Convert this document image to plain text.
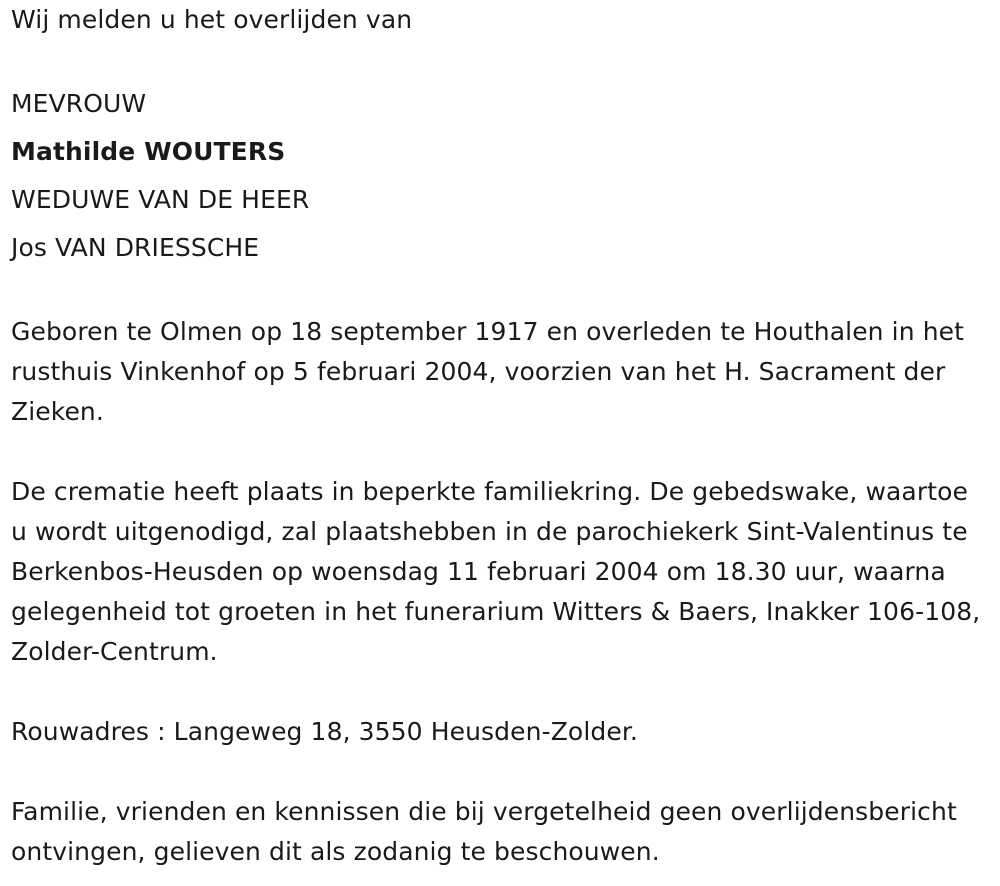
Wij melden u het overlijden van

MEVROUW

Mathilde WOUTERS

WEDUWE VAN DE HEER

Jos VAN DRIESSCHE

Geboren te Olmen op 18 september 1917 en overleden te Houthalen in het rusthuis Vinkenhof op 5 februari 2004, voorzien van het H. Sacrament der Zieken.

De crematie heeft plaats in beperkte familiekring. De gebedswake, waartoe u wordt uitgenodigd, zal plaatshebben in de parochiekerk Sint-Valentinus te Berkenbos-Heusden op woensdag 11 februari 2004 om 18.30 uur, waarna gelegenheid tot groeten in het funerarium Witters & Baers, Inakker 106-108, Zolder-Centrum.

Rouwadres : Langeweg 18, 3550 Heusden-Zolder.

Familie, vrienden en kennissen die bij vergetelheid geen overlijdensbericht ontvingen, gelieven dit als zodanig te beschouwen.
